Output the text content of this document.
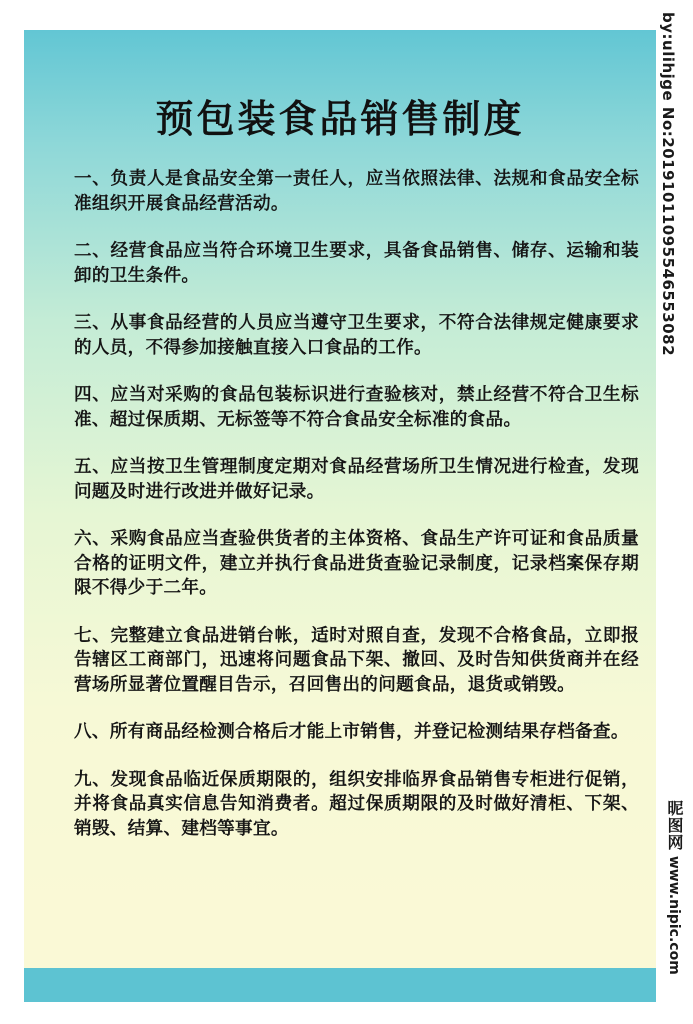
预包装食品销售制度

一、负责人是食品安全第一责任人，应当依照法律、法规和食品安全标准组织开展食品经营活动。

二、经营食品应当符合环境卫生要求，具备食品销售、储存、运输和装卸的卫生条件。

三、从事食品经营的人员应当遵守卫生要求，不符合法律规定健康要求的人员，不得参加接触直接入口食品的工作。

四、应当对采购的食品包装标识进行查验核对，禁止经营不符合卫生标准、超过保质期、无标签等不符合食品安全标准的食品。

五、应当按卫生管理制度定期对食品经营场所卫生情况进行检查，发现问题及时进行改进并做好记录。

六、采购食品应当查验供货者的主体资格、食品生产许可证和食品质量合格的证明文件，建立并执行食品进货查验记录制度，记录档案保存期限不得少于二年。

七、完整建立食品进销台帐，适时对照自查，发现不合格食品，立即报告辖区工商部门，迅速将问题食品下架、撤回、及时告知供货商并在经营场所显著位置醒目告示，召回售出的问题食品，退货或销毁。

八、所有商品经检测合格后才能上市销售，并登记检测结果存档备查。

九、发现食品临近保质期限的，组织安排临界食品销售专柜进行促销，并将食品真实信息告知消费者。超过保质期限的及时做好清柜、下架、销毁、结算、建档等事宜。

by:ulihjge No:20191011095546553082
昵图网 www.nipic.com
